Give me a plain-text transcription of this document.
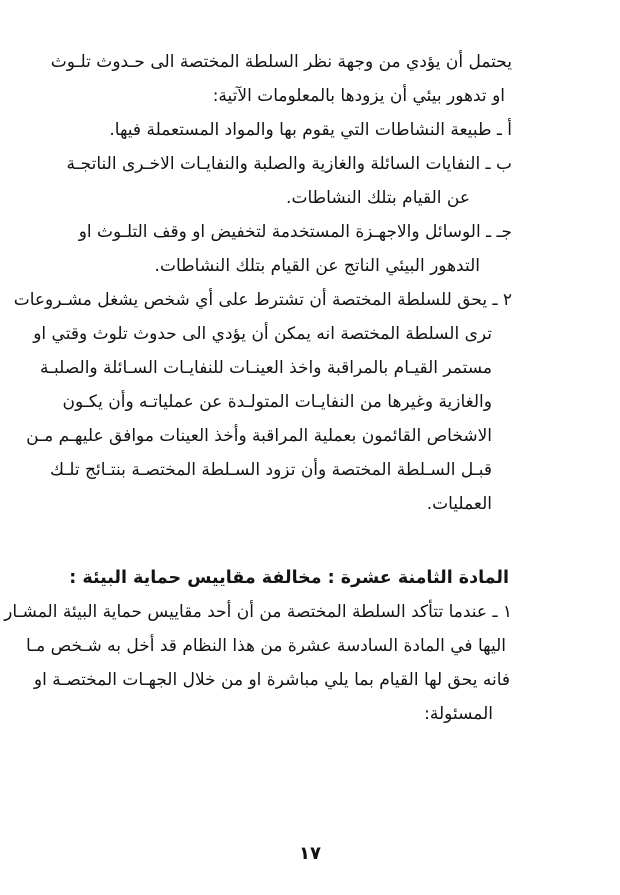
يحتمل أن يؤدي من وجهة نظر السلطة المختصة الى حـدوث تلـوث
او تدهور بيئي أن يزودها بالمعلومات الآتية:
أ ـ طبيعة النشاطات التي يقوم بها والمواد المستعملة فيها.
ب ـ النفايات السائلة والغازية والصلبة والنفايـات الاخـرى الناتجـة
عن القيام بتلك النشاطات.
جـ ـ الوسائل والاجهـزة المستخدمة لتخفيض او وقف التلـوث او
التدهور البيئي الناتج عن القيام بتلك النشاطات.
٢ ـ يحق للسلطة المختصة أن تشترط على أي شخص يشغل مشـروعات
ترى السلطة المختصة انه يمكن أن يؤدي الى حدوث تلوث وقتي او
مستمر القيـام بالمراقبة واخذ العينـات للنفايـات السـائلة والصلبـة
والغازية وغيرها من النفايـات المتولـدة عن عملياتـه وأن يكـون
الاشخاص القائمون بعملية المراقبة وأخذ العينات موافق عليهـم مـن
قبـل السـلطة المختصة وأن تزود السـلطة المختصـة بنتـائج تلـك
العمليات.
المادة الثامنة عشرة : مخالفة مقاييس حماية البيئة :
١ ـ عندما تتأكد السلطة المختصة من أن أحد مقاييس حماية البيئة المشـار
اليها في المادة السادسة عشرة من هذا النظام قد أخل به شـخص مـا
فانه يحق لها القيام بما يلي مباشرة او من خلال الجهـات المختصـة او
المسئولة:
١٧
